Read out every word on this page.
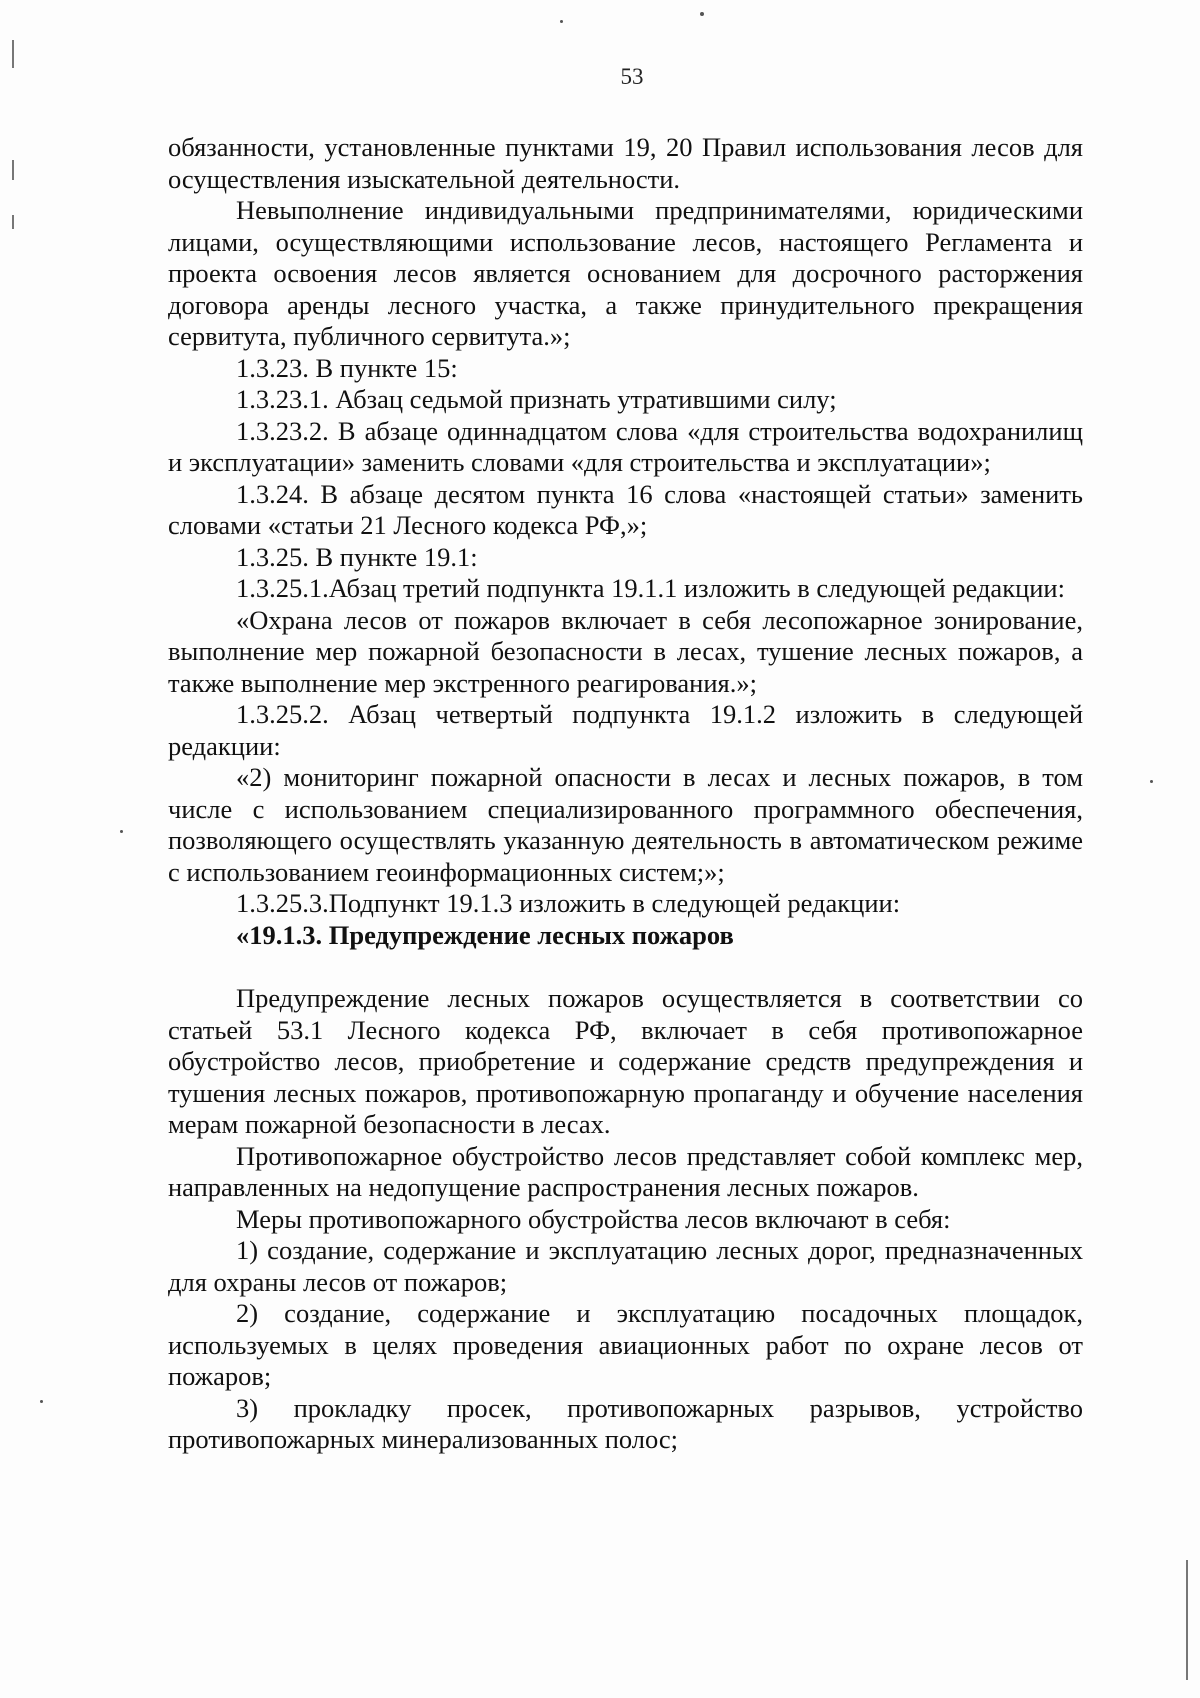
53

обязанности, установленные пунктами 19, 20 Правил использования лесов для осуществления изыскательной деятельности.

Невыполнение индивидуальными предпринимателями, юридическими лицами, осуществляющими использование лесов, настоящего Регламента и проекта освоения лесов является основанием для досрочного расторжения договора аренды лесного участка, а также принудительного прекращения сервитута, публичного сервитута.»;

1.3.23. В пункте 15:

1.3.23.1. Абзац седьмой признать утратившими силу;

1.3.23.2. В абзаце одиннадцатом слова «для строительства водохранилищ и эксплуатации» заменить словами «для строительства и эксплуатации»;

1.3.24. В абзаце десятом пункта 16 слова «настоящей статьи» заменить словами «статьи 21 Лесного кодекса РФ,»;

1.3.25. В пункте 19.1:

1.3.25.1.Абзац третий подпункта 19.1.1 изложить в следующей редакции:

«Охрана лесов от пожаров включает в себя лесопожарное зонирование, выполнение мер пожарной безопасности в лесах, тушение лесных пожаров, а также выполнение мер экстренного реагирования.»;

1.3.25.2. Абзац четвертый подпункта 19.1.2 изложить в следующей редакции:

«2) мониторинг пожарной опасности в лесах и лесных пожаров, в том числе с использованием специализированного программного обеспечения, позволяющего осуществлять указанную деятельность в автоматическом режиме с использованием геоинформационных систем;»;

1.3.25.3.Подпункт 19.1.3 изложить в следующей редакции:

«19.1.3. Предупреждение лесных пожаров

Предупреждение лесных пожаров осуществляется в соответствии со статьей 53.1 Лесного кодекса РФ, включает в себя противопожарное обустройство лесов, приобретение и содержание средств предупреждения и тушения лесных пожаров, противопожарную пропаганду и обучение населения мерам пожарной безопасности в лесах.

Противопожарное обустройство лесов представляет собой комплекс мер, направленных на недопущение распространения лесных пожаров.

Меры противопожарного обустройства лесов включают в себя:

1) создание, содержание и эксплуатацию лесных дорог, предназначенных для охраны лесов от пожаров;

2) создание, содержание и эксплуатацию посадочных площадок, используемых в целях проведения авиационных работ по охране лесов от пожаров;

3) прокладку просек, противопожарных разрывов, устройство противопожарных минерализованных полос;
